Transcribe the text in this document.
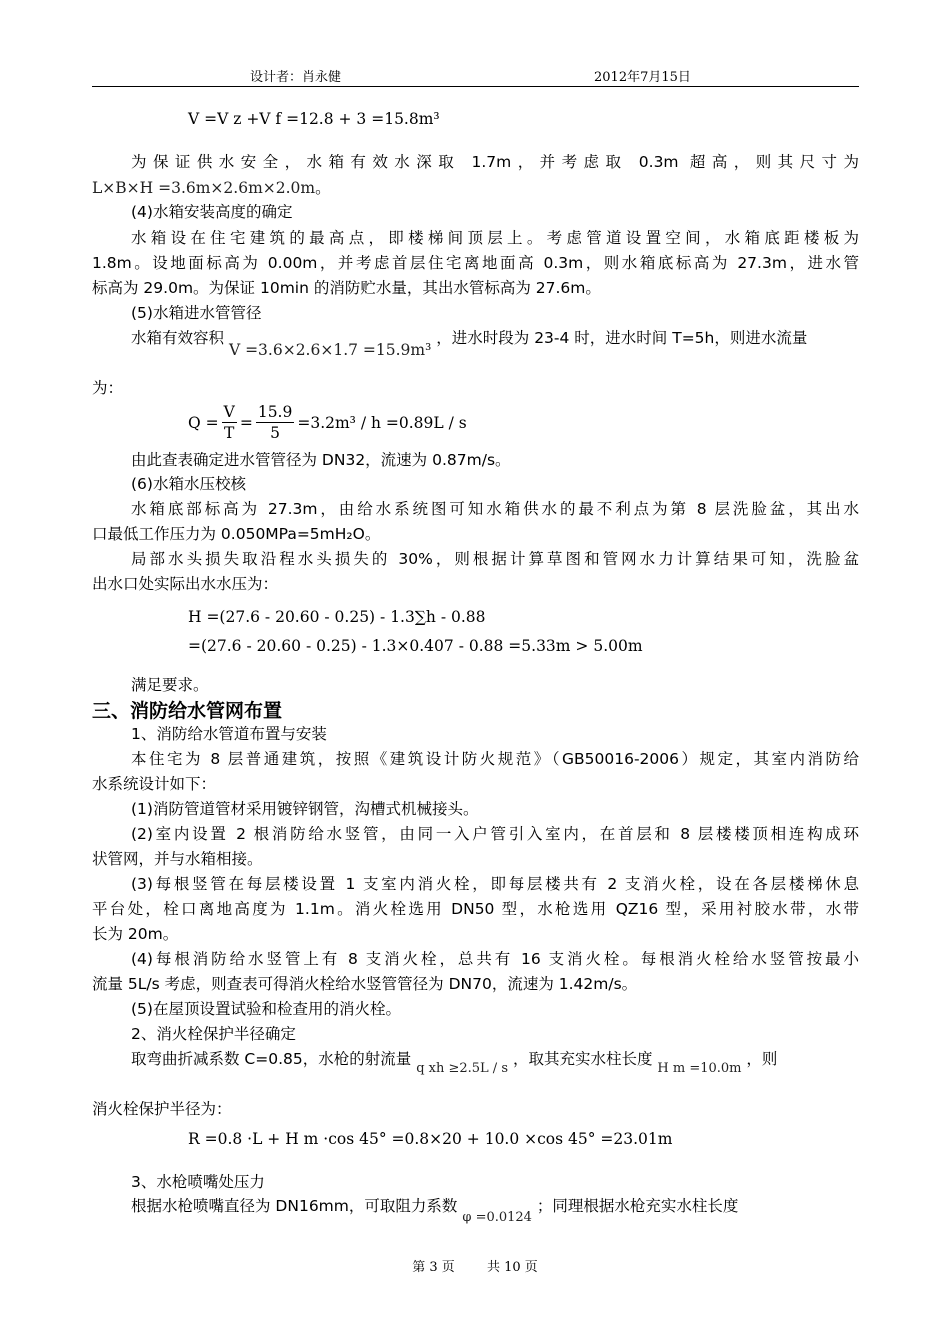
设计者：肖永健	2012年7月15日
V =V z +V f =12.8 + 3 =15.8m³
为保证供水安全，水箱有效水深取 1.7m，并考虑取 0.3m 超高，则其尺寸为
L×B×H =3.6m×2.6m×2.0m。
(4)水箱安装高度的确定
水箱设在住宅建筑的最高点，即楼梯间顶层上。考虑管道设置空间，水箱底距楼板为
1.8m。设地面标高为 0.00m，并考虑首层住宅离地面高 0.3m，则水箱底标高为 27.3m，进水管
标高为 29.0m。为保证 10min 的消防贮水量，其出水管标高为 27.6m。
(5)水箱进水管管径
水箱有效容积 V =3.6×2.6×1.7 =15.9m³ ，进水时段为 23-4 时，进水时间 T=5h，则进水流量
为：
$Q = \frac{V}{T} = \frac{15.9}{5} =3.2m^3 / h =0.89L / s$
由此查表确定进水管管径为 DN32，流速为 0.87m/s。
(6)水箱水压校核
水箱底部标高为 27.3m，由给水系统图可知水箱供水的最不利点为第 8 层洗脸盆，其出水
口最低工作压力为 0.050MPa=5mH₂O。
局部水头损失取沿程水头损失的 30%，则根据计算草图和管网水力计算结果可知，洗脸盆
出水口处实际出水水压为：
H =(27.6 - 20.60 - 0.25) - 1.3∑h - 0.88
=(27.6 - 20.60 - 0.25) - 1.3×0.407 - 0.88 =5.33m > 5.00m
满足要求。
三、消防给水管网布置
1、消防给水管道布置与安装
本住宅为 8 层普通建筑，按照《建筑设计防火规范》（GB50016-2006）规定，其室内消防给
水系统设计如下：
(1)消防管道管材采用镀锌钢管，沟槽式机械接头。
(2)室内设置 2 根消防给水竖管，由同一入户管引入室内，在首层和 8 层楼楼顶相连构成环
状管网，并与水箱相接。
(3)每根竖管在每层楼设置 1 支室内消火栓，即每层楼共有 2 支消火栓，设在各层楼梯休息
平台处，栓口离地高度为 1.1m。消火栓选用 DN50 型，水枪选用 QZ16 型，采用衬胶水带，水带
长为 20m。
(4)每根消防给水竖管上有 8 支消火栓，总共有 16 支消火栓。每根消火栓给水竖管按最小
流量 5L/s 考虑，则查表可得消火栓给水竖管管径为 DN70，流速为 1.42m/s。
(5)在屋顶设置试验和检查用的消火栓。
2、消火栓保护半径确定
取弯曲折减系数 C=0.85，水枪的射流量 $_{q xh \ge 2.5L / s}$ ，取其充实水柱长度 $_{H m =10.0m}$ ，则
消火栓保护半径为：
R =0.8 ·L + H m ·cos 45° =0.8×20 + 10.0 ×cos 45° =23.01m
3、水枪喷嘴处压力
根据水枪喷嘴直径为 DN16mm，可取阻力系数 $_{\varphi =0.0124}$ ；同理根据水枪充实水柱长度
第 3 页 共 10 页
